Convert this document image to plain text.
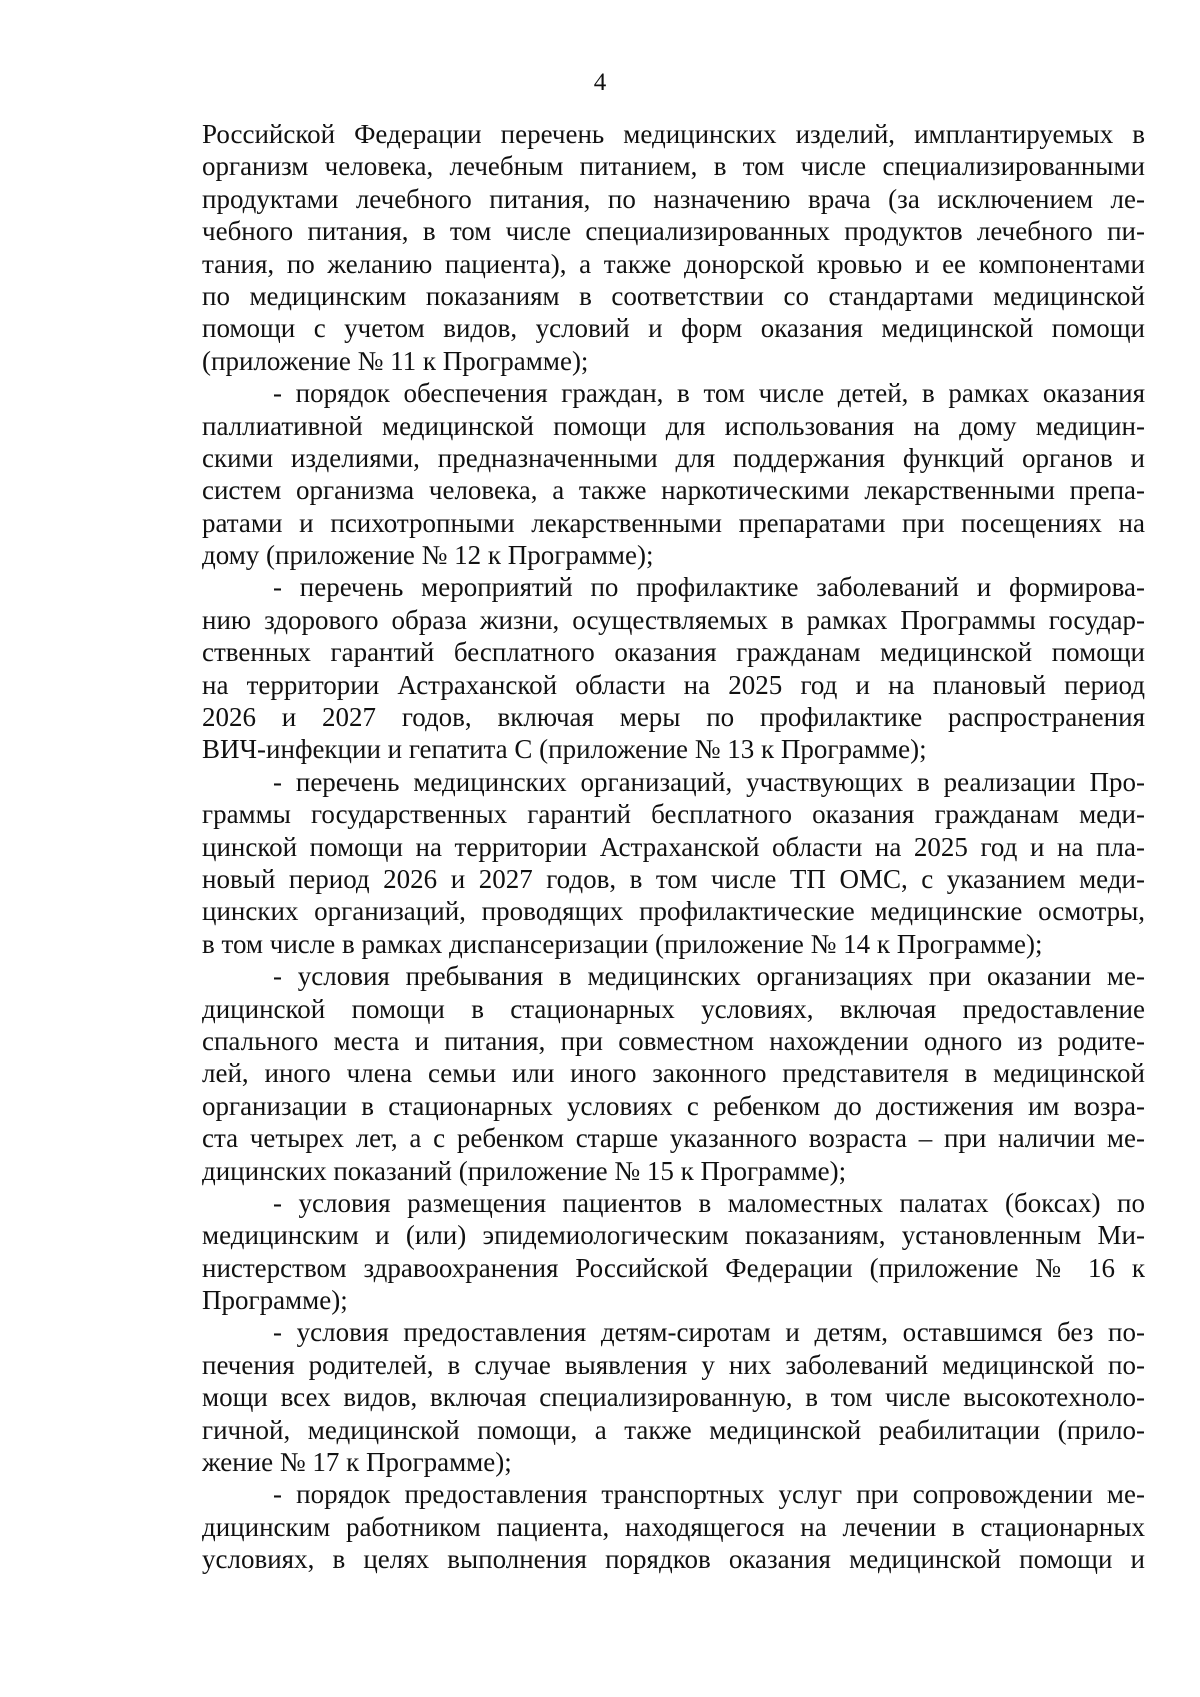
4
Российской Федерации перечень медицинских изделий, имплантируемых в
организм человека, лечебным питанием, в том числе специализированными
продуктами лечебного питания, по назначению врача (за исключением ле-
чебного питания, в том числе специализированных продуктов лечебного пи-
тания, по желанию пациента), а также донорской кровью и ее компонентами
по медицинским показаниям в соответствии со стандартами медицинской
помощи с учетом видов, условий и форм оказания медицинской помощи
(приложение № 11 к Программе);
- порядок обеспечения граждан, в том числе детей, в рамках оказания
паллиативной медицинской помощи для использования на дому медицин-
скими изделиями, предназначенными для поддержания функций органов и
систем организма человека, а также наркотическими лекарственными препа-
ратами и психотропными лекарственными препаратами при посещениях на
дому (приложение № 12 к Программе);
- перечень мероприятий по профилактике заболеваний и формирова-
нию здорового образа жизни, осуществляемых в рамках Программы государ-
ственных гарантий бесплатного оказания гражданам медицинской помощи
на территории Астраханской области на 2025 год и на плановый период
2026 и 2027 годов, включая меры по профилактике распространения
ВИЧ-инфекции и гепатита С (приложение № 13 к Программе);
- перечень медицинских организаций, участвующих в реализации Про-
граммы государственных гарантий бесплатного оказания гражданам меди-
цинской помощи на территории Астраханской области на 2025 год и на пла-
новый период 2026 и 2027 годов, в том числе ТП ОМС, с указанием меди-
цинских организаций, проводящих профилактические медицинские осмотры,
в том числе в рамках диспансеризации (приложение № 14 к Программе);
- условия пребывания в медицинских организациях при оказании ме-
дицинской помощи в стационарных условиях, включая предоставление
спального места и питания, при совместном нахождении одного из родите-
лей, иного члена семьи или иного законного представителя в медицинской
организации в стационарных условиях с ребенком до достижения им возра-
ста четырех лет, а с ребенком старше указанного возраста – при наличии ме-
дицинских показаний (приложение № 15 к Программе);
- условия размещения пациентов в маломестных палатах (боксах) по
медицинским и (или) эпидемиологическим показаниям, установленным Ми-
нистерством здравоохранения Российской Федерации (приложение № 16 к
Программе);
- условия предоставления детям-сиротам и детям, оставшимся без по-
печения родителей, в случае выявления у них заболеваний медицинской по-
мощи всех видов, включая специализированную, в том числе высокотехноло-
гичной, медицинской помощи, а также медицинской реабилитации (прило-
жение № 17 к Программе);
- порядок предоставления транспортных услуг при сопровождении ме-
дицинским работником пациента, находящегося на лечении в стационарных
условиях, в целях выполнения порядков оказания медицинской помощи и
